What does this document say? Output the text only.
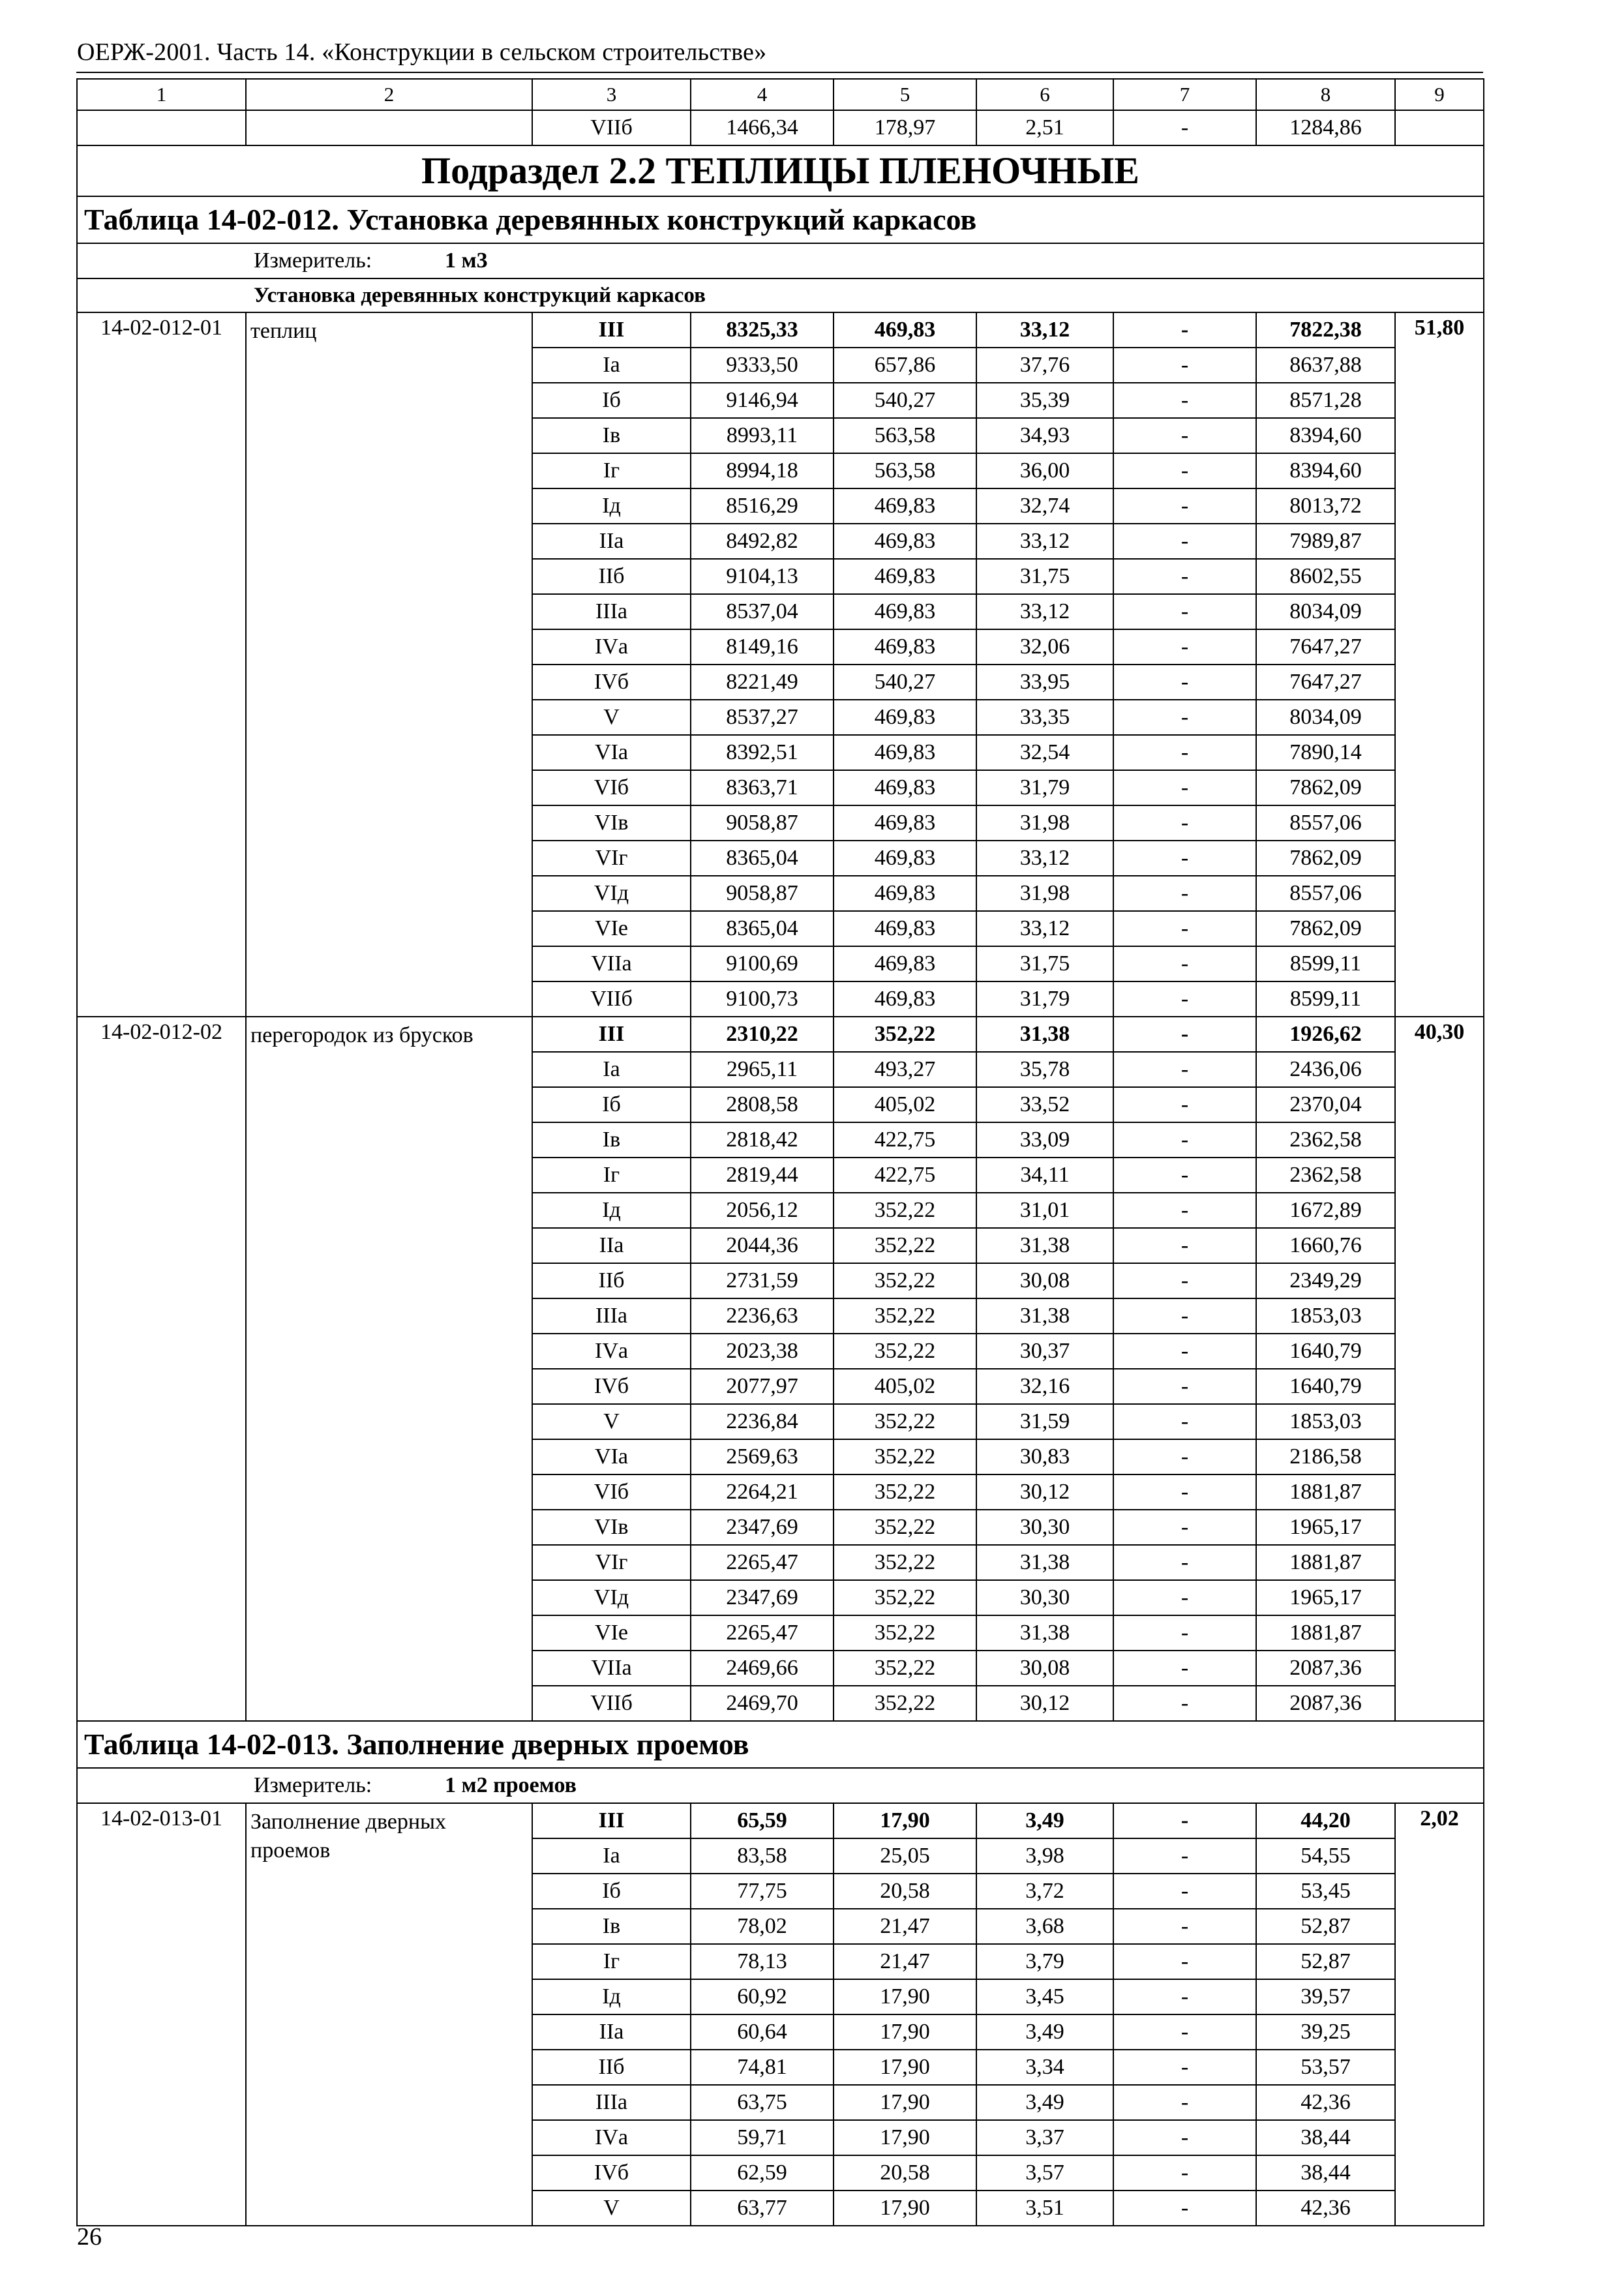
ОЕРЖ-2001. Часть 14. «Конструкции в сельском строительстве»
1	2	3	4	5	6	7	8	9
		VIIб	1466,34	178,97	2,51	-	1284,86	
Подраздел 2.2 ТЕПЛИЦЫ ПЛЕНОЧНЫЕ								
Таблица 14-02-012. Установка деревянных конструкций каркасов								

Измеритель: 1 м3								

Установка деревянных конструкций каркасов								
14-02-012-01	теплиц	III	8325,33	469,83	33,12	-	7822,38	51,80
		Iа	9333,50	657,86	37,76	-	8637,88	
		Iб	9146,94	540,27	35,39	-	8571,28	
		Iв	8993,11	563,58	34,93	-	8394,60	
		Iг	8994,18	563,58	36,00	-	8394,60	
		Iд	8516,29	469,83	32,74	-	8013,72	
		IIа	8492,82	469,83	33,12	-	7989,87	
		IIб	9104,13	469,83	31,75	-	8602,55	
		IIIа	8537,04	469,83	33,12	-	8034,09	
		IVа	8149,16	469,83	32,06	-	7647,27	
		IVб	8221,49	540,27	33,95	-	7647,27	
		V	8537,27	469,83	33,35	-	8034,09	
		VIа	8392,51	469,83	32,54	-	7890,14	
		VIб	8363,71	469,83	31,79	-	7862,09	
		VIв	9058,87	469,83	31,98	-	8557,06	
		VIг	8365,04	469,83	33,12	-	7862,09	
		VIд	9058,87	469,83	31,98	-	8557,06	
		VIе	8365,04	469,83	33,12	-	7862,09	
		VIIа	9100,69	469,83	31,75	-	8599,11	
		VIIб	9100,73	469,83	31,79	-	8599,11	
14-02-012-02	перегородок из брусков	III	2310,22	352,22	31,38	-	1926,62	40,30
		Iа	2965,11	493,27	35,78	-	2436,06	
		Iб	2808,58	405,02	33,52	-	2370,04	
		Iв	2818,42	422,75	33,09	-	2362,58	
		Iг	2819,44	422,75	34,11	-	2362,58	
		Iд	2056,12	352,22	31,01	-	1672,89	
		IIа	2044,36	352,22	31,38	-	1660,76	
		IIб	2731,59	352,22	30,08	-	2349,29	
		IIIа	2236,63	352,22	31,38	-	1853,03	
		IVа	2023,38	352,22	30,37	-	1640,79	
		IVб	2077,97	405,02	32,16	-	1640,79	
		V	2236,84	352,22	31,59	-	1853,03	
		VIа	2569,63	352,22	30,83	-	2186,58	
		VIб	2264,21	352,22	30,12	-	1881,87	
		VIв	2347,69	352,22	30,30	-	1965,17	
		VIг	2265,47	352,22	31,38	-	1881,87	
		VIд	2347,69	352,22	30,30	-	1965,17	
		VIе	2265,47	352,22	31,38	-	1881,87	
		VIIа	2469,66	352,22	30,08	-	2087,36	
		VIIб	2469,70	352,22	30,12	-	2087,36	
Таблица 14-02-013. Заполнение дверных проемов								

Измеритель: 1 м2 проемов								

14-02-013-01	Заполнение дверных проемов	III	65,59	17,90	3,49	-	44,20	2,02
		Iа	83,58	25,05	3,98	-	54,55	
		Iб	77,75	20,58	3,72	-	53,45	
		Iв	78,02	21,47	3,68	-	52,87	
		Iг	78,13	21,47	3,79	-	52,87	
		Iд	60,92	17,90	3,45	-	39,57	
		IIа	60,64	17,90	3,49	-	39,25	
		IIб	74,81	17,90	3,34	-	53,57	
		IIIа	63,75	17,90	3,49	-	42,36	
		IVа	59,71	17,90	3,37	-	38,44	
		IVб	62,59	20,58	3,57	-	38,44	
		V	63,77	17,90	3,51	-	42,36	
26
